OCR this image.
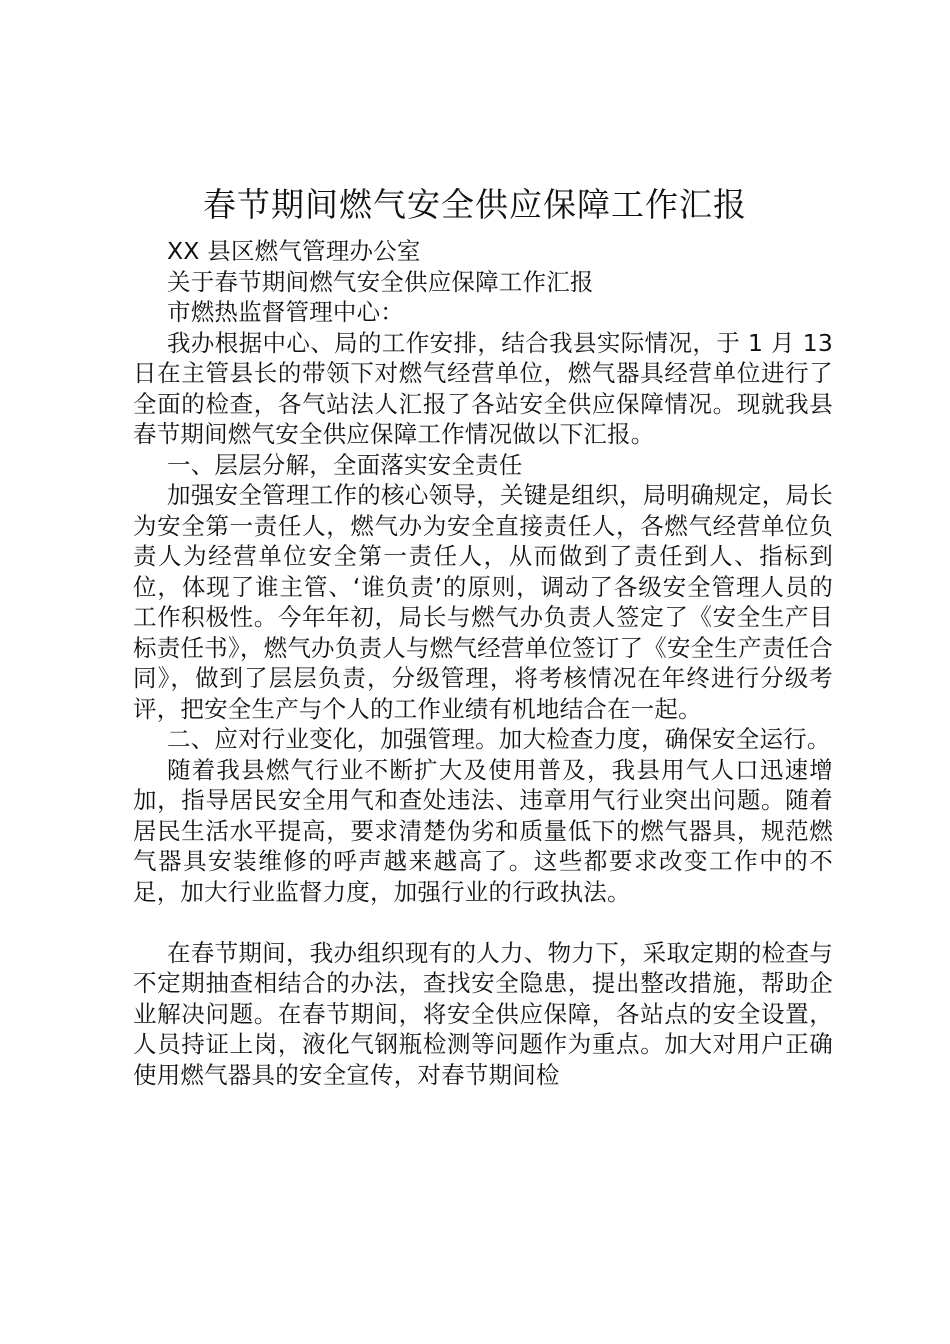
春节期间燃气安全供应保障工作汇报

XX 县区燃气管理办公室

关于春节期间燃气安全供应保障工作汇报

市燃热监督管理中心：

我办根据中心、局的工作安排，结合我县实际情况，于 1 月 13 日在主管县长的带领下对燃气经营单位，燃气器具经营单位进行了全面的检查，各气站法人汇报了各站安全供应保障情况。现就我县春节期间燃气安全供应保障工作情况做以下汇报。

一、层层分解，全面落实安全责任

加强安全管理工作的核心领导，关键是组织，局明确规定，局长为安全第一责任人，燃气办为安全直接责任人，各燃气经营单位负责人为经营单位安全第一责任人，从而做到了责任到人、指标到位，体现了谁主管、‘谁负责’的原则，调动了各级安全管理人员的工作积极性。今年年初，局长与燃气办负责人签定了《安全生产目标责任书》，燃气办负责人与燃气经营单位签订了《安全生产责任合同》，做到了层层负责，分级管理，将考核情况在年终进行分级考评，把安全生产与个人的工作业绩有机地结合在一起。

二、应对行业变化，加强管理。加大检查力度，确保安全运行。

随着我县燃气行业不断扩大及使用普及，我县用气人口迅速增加，指导居民安全用气和查处违法、违章用气行业突出问题。随着居民生活水平提高，要求清楚伪劣和质量低下的燃气器具，规范燃气器具安装维修的呼声越来越高了。这些都要求改变工作中的不足，加大行业监督力度，加强行业的行政执法。

在春节期间，我办组织现有的人力、物力下，采取定期的检查与不定期抽查相结合的办法，查找安全隐患，提出整改措施，帮助企业解决问题。在春节期间，将安全供应保障，各站点的安全设置，人员持证上岗，液化气钢瓶检测等问题作为重点。加大对用户正确使用燃气器具的安全宣传，对春节期间检
